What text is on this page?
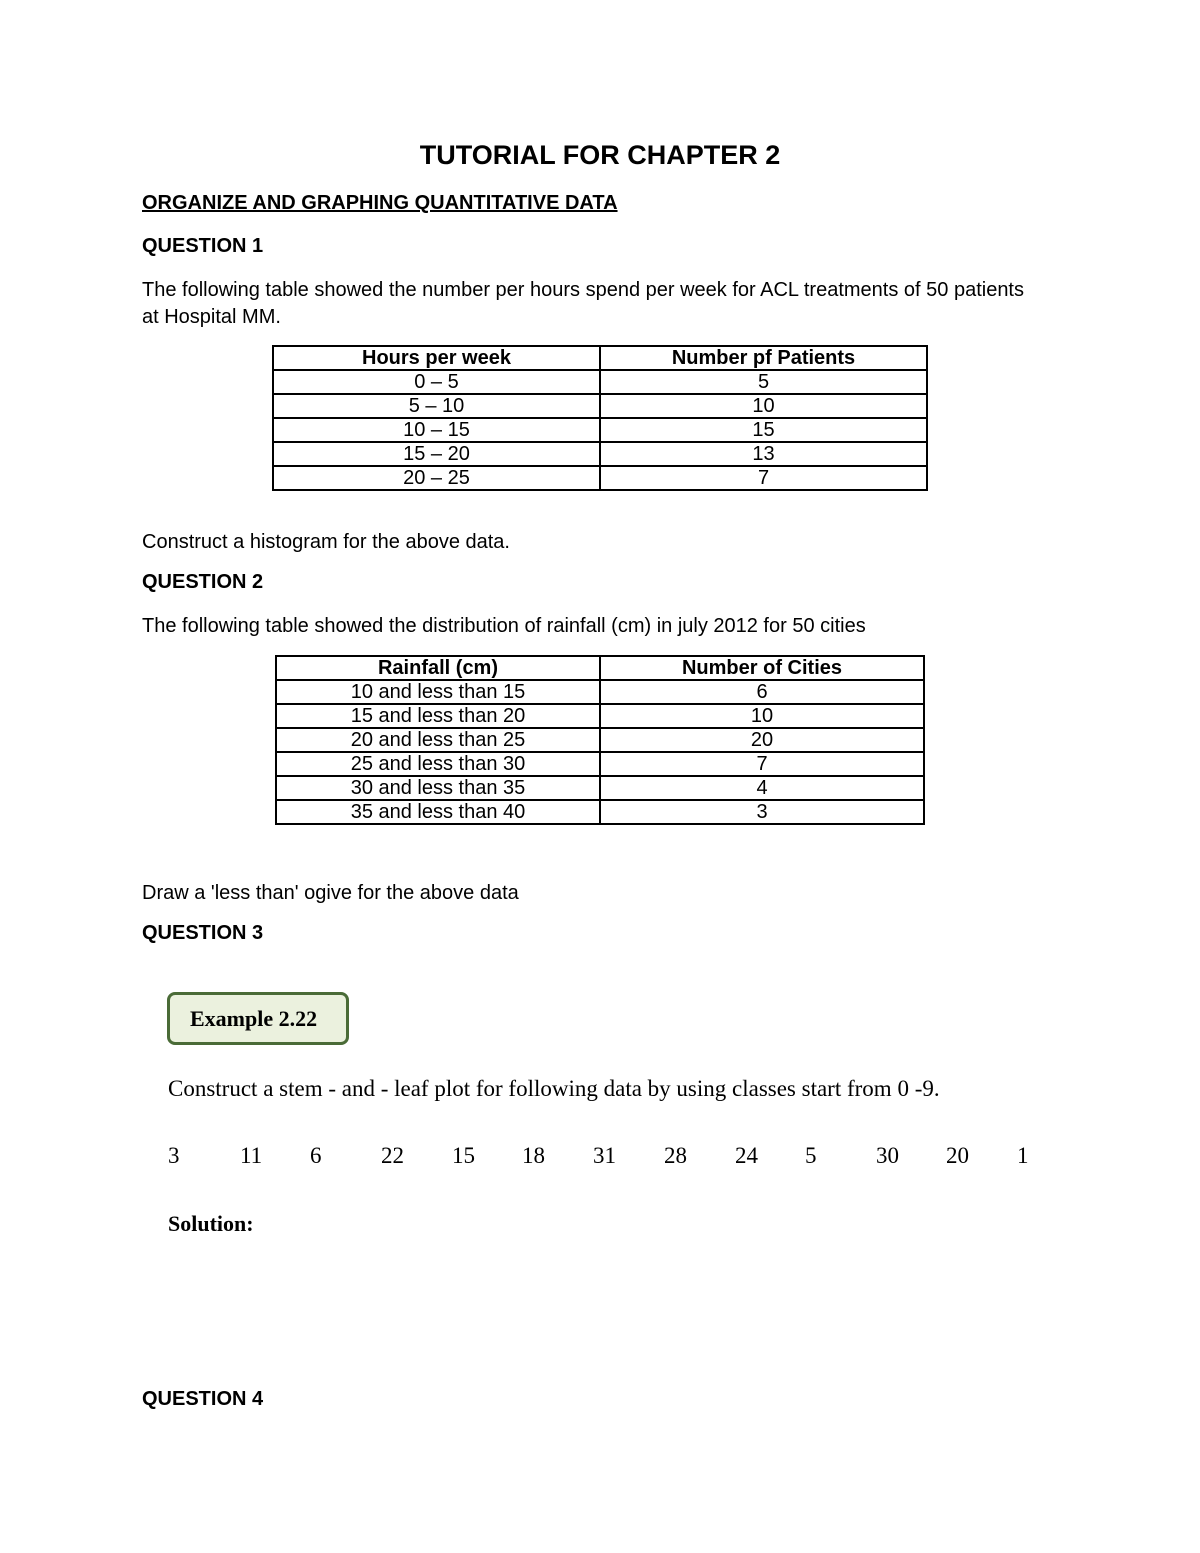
TUTORIAL FOR CHAPTER 2
ORGANIZE AND GRAPHING QUANTITATIVE DATA
QUESTION 1
The following table showed the number per hours spend per week for ACL treatments of 50 patients at Hospital MM.
Hours per week	Number pf Patients
0 – 5	5
5 – 10	10
10 – 15	15
15 – 20	13
20 – 25	7
Construct a histogram for the above data.
QUESTION 2
The following table showed the distribution of rainfall (cm) in july 2012 for 50 cities
Rainfall (cm)	Number of Cities
10 and less than 15	6
15 and less than 20	10
20 and less than 25	20
25 and less than 30	7
30 and less than 35	4
35 and less than 40	3
Draw a 'less than' ogive for the above data
QUESTION 3
Example 2.22
Construct a stem - and - leaf plot for following data by using classes start from 0 -9.
3	11 6	22 15 18 31 28 24 5	30 20 1
Solution:
QUESTION 4
